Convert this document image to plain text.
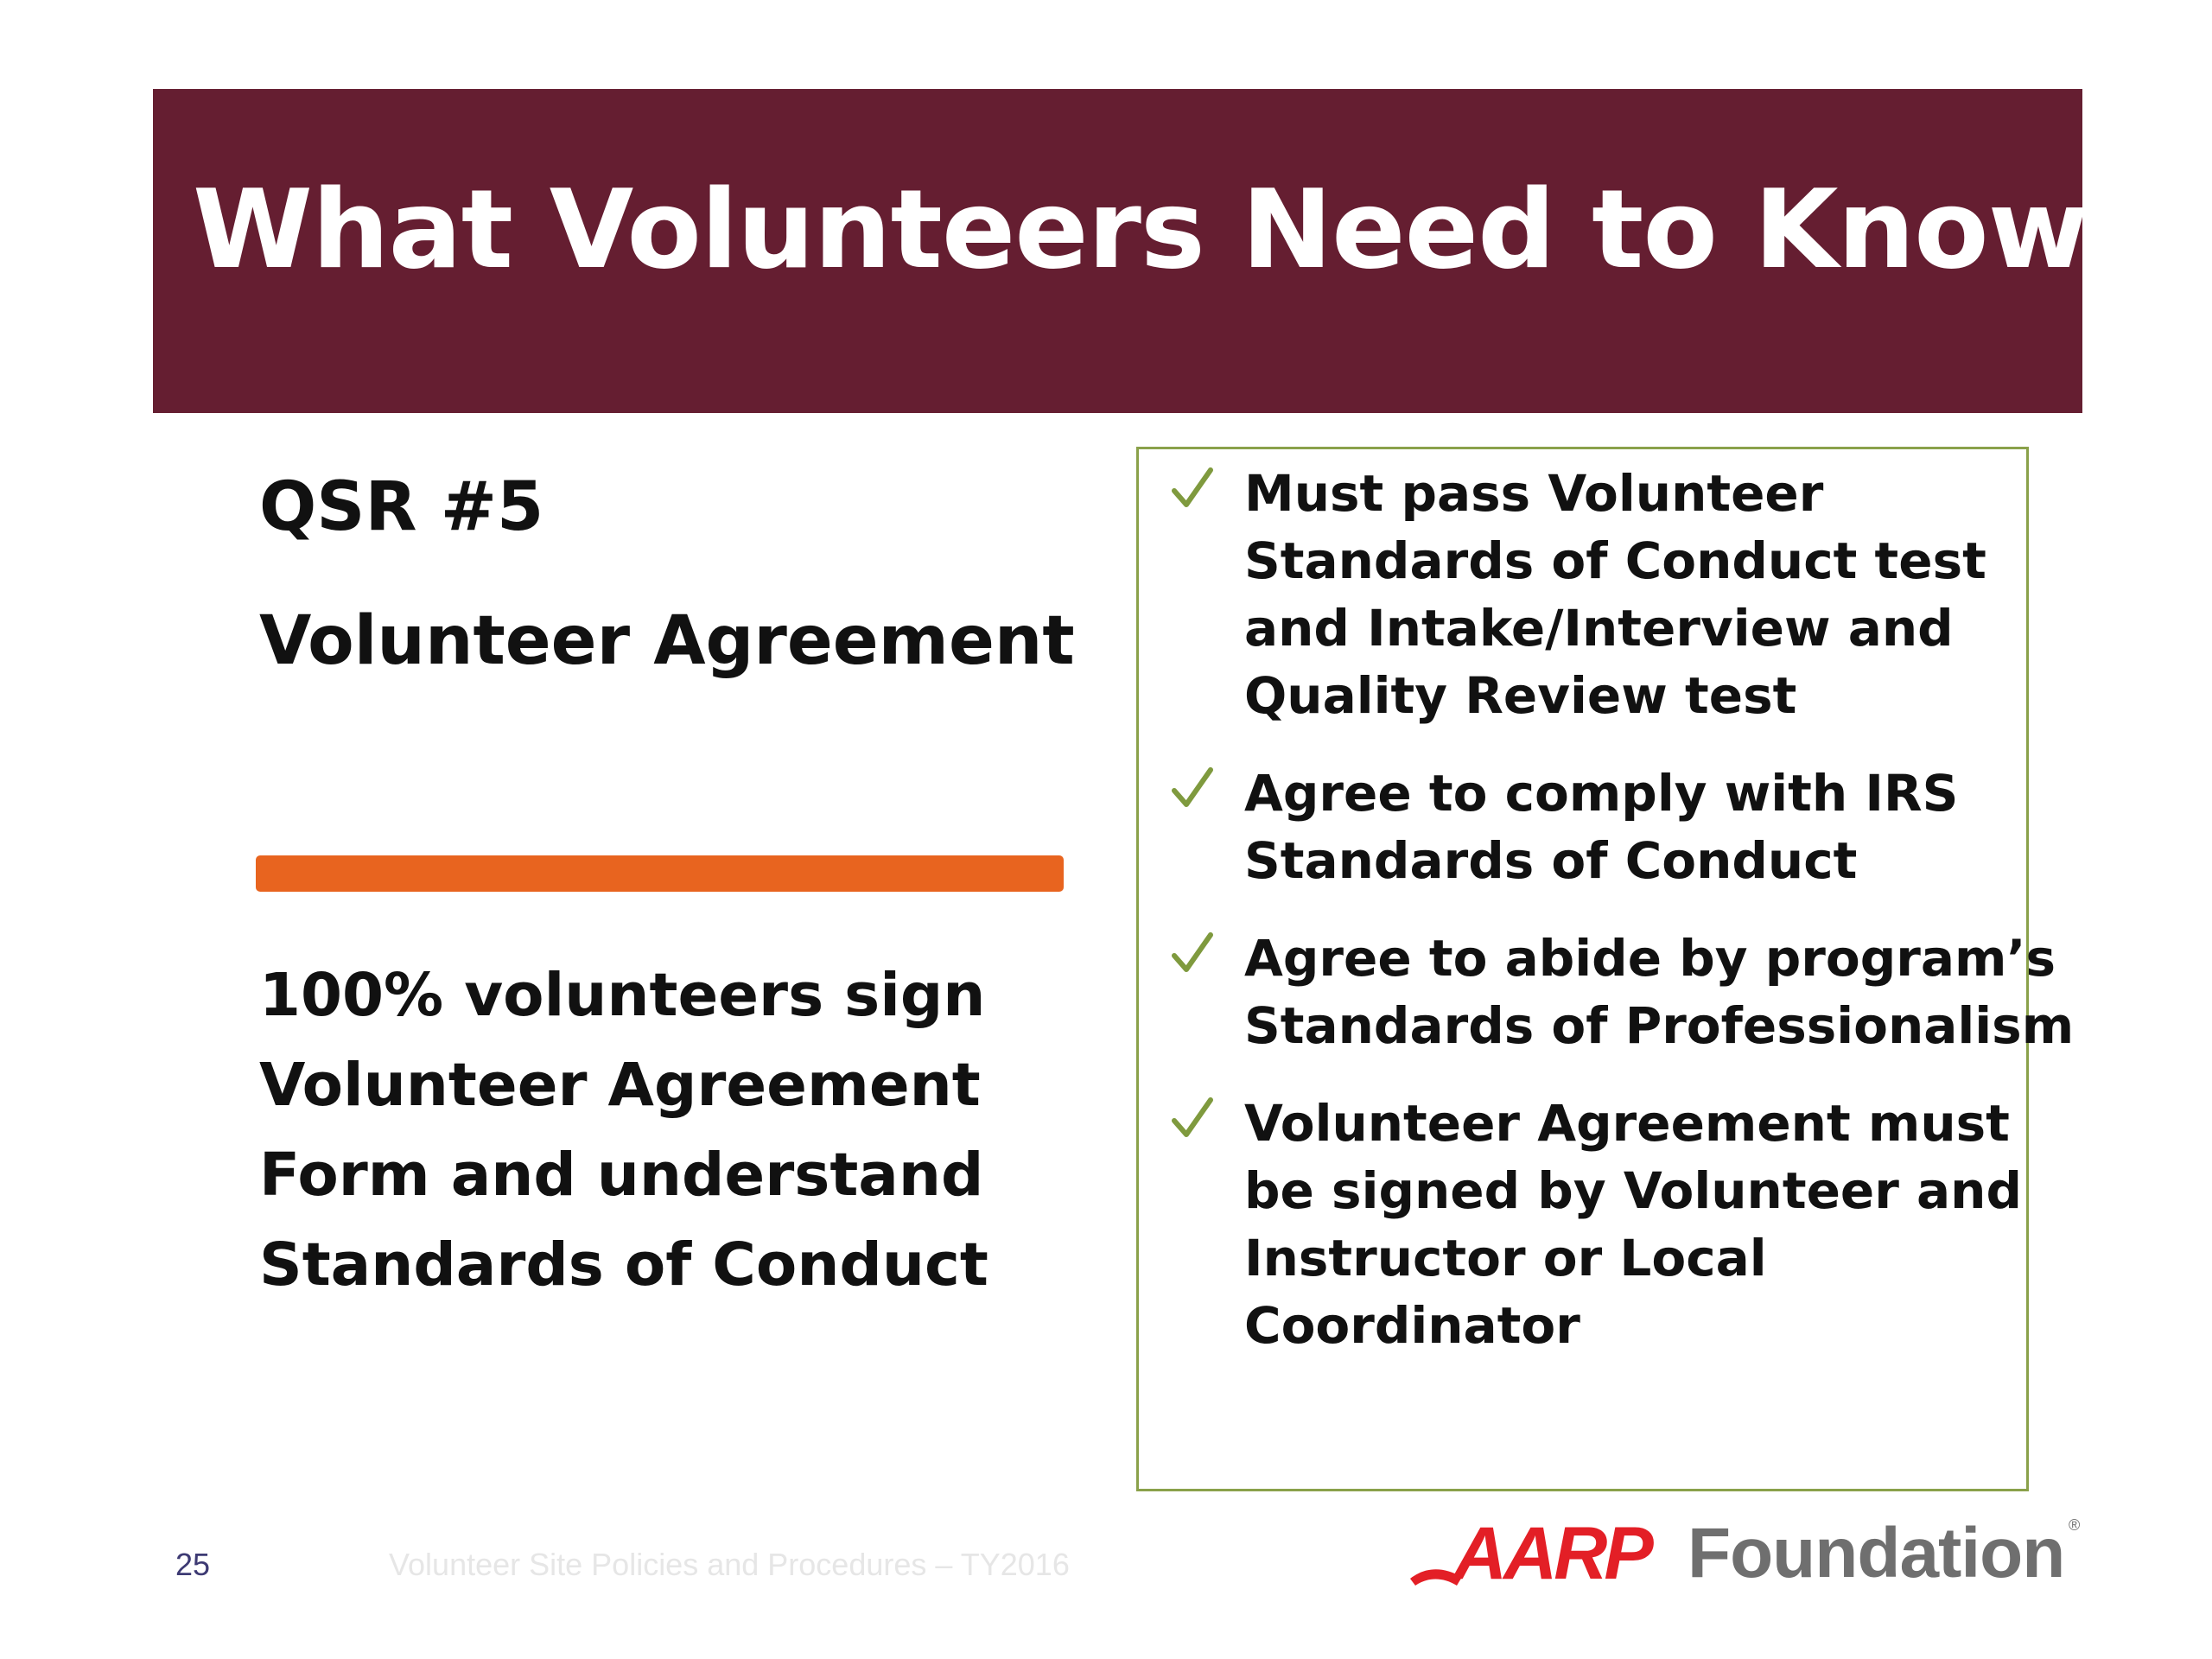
What Volunteers Need to Know
QSR #5
Volunteer Agreement
100% volunteers sign
Volunteer Agreement
Form and understand
Standards of Conduct
Must pass Volunteer
Standards of Conduct test
and Intake/Interview and
Quality Review test
Agree to comply with IRS
Standards of Conduct
Agree to abide by program’s
Standards of Professionalism
Volunteer Agreement must
be signed by Volunteer and
Instructor or Local
Coordinator
25	Volunteer Site Policies and Procedures – TY2016	AARP Foundation ®
